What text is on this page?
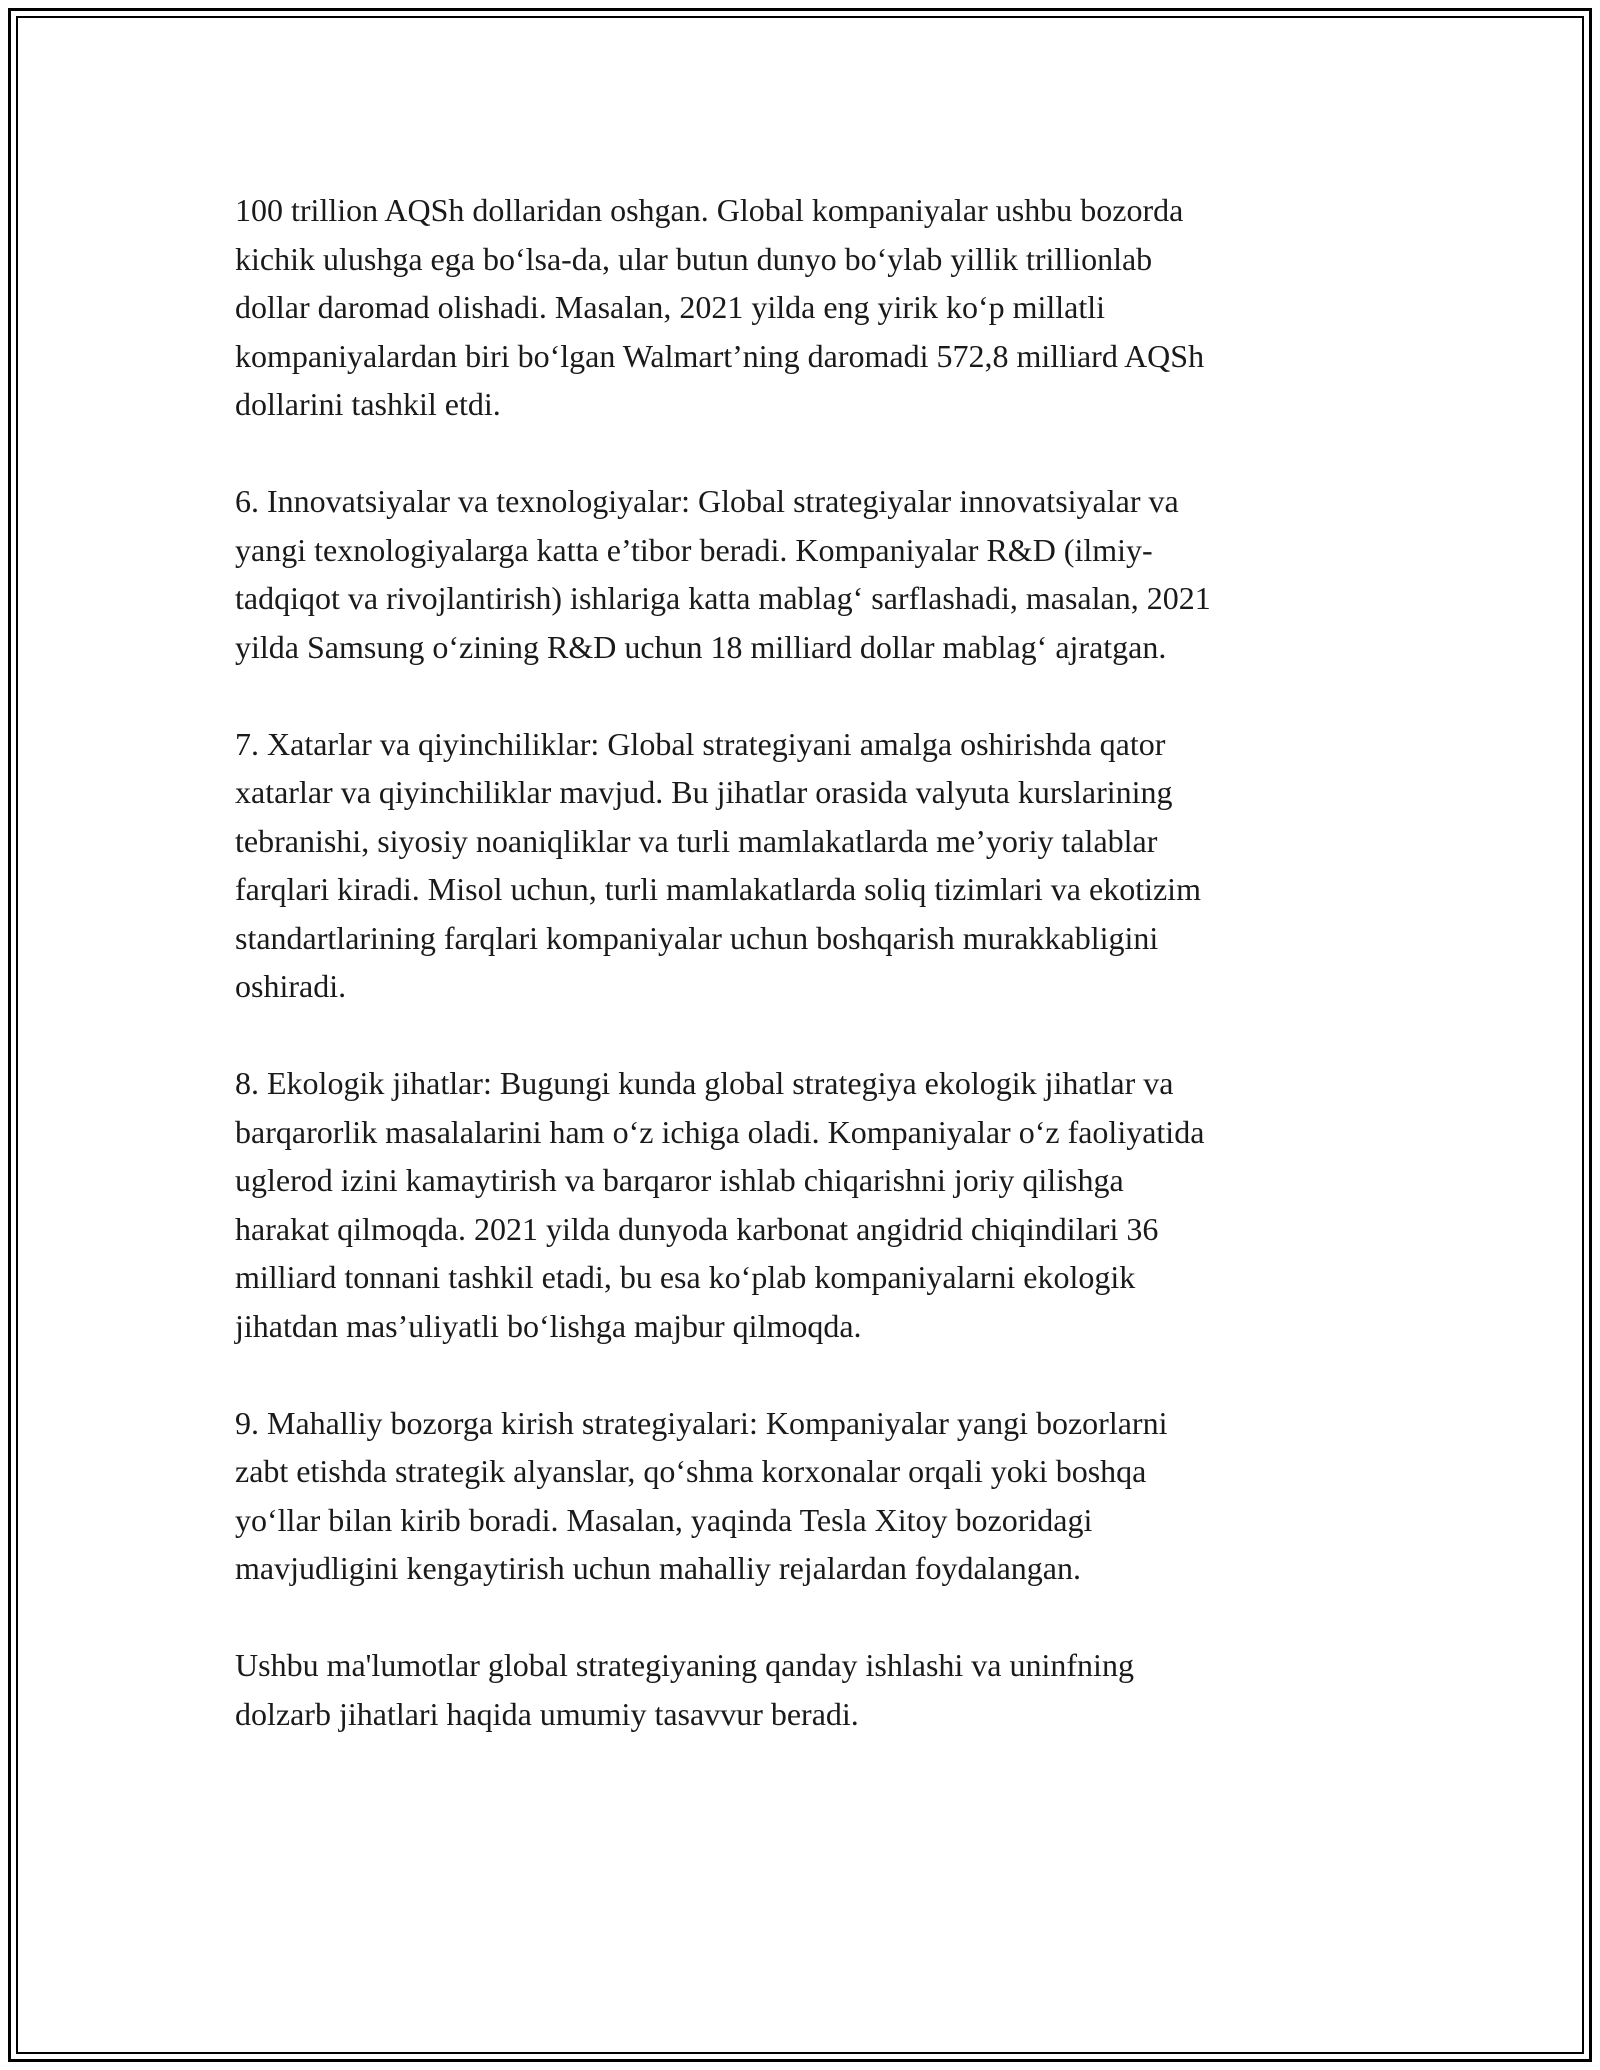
100 trillion AQSh dollaridan oshgan. Global kompaniyalar ushbu bozorda
kichik ulushga ega bo‘lsa-da, ular butun dunyo bo‘ylab yillik trillionlab
dollar daromad olishadi. Masalan, 2021 yilda eng yirik ko‘p millatli
kompaniyalardan biri bo‘lgan Walmart’ning daromadi 572,8 milliard AQSh
dollarini tashkil etdi.

6. Innovatsiyalar va texnologiyalar: Global strategiyalar innovatsiyalar va
yangi texnologiyalarga katta e’tibor beradi. Kompaniyalar R&D (ilmiy-
tadqiqot va rivojlantirish) ishlariga katta mablag‘ sarflashadi, masalan, 2021
yilda Samsung o‘zining R&D uchun 18 milliard dollar mablag‘ ajratgan.

7. Xatarlar va qiyinchiliklar: Global strategiyani amalga oshirishda qator
xatarlar va qiyinchiliklar mavjud. Bu jihatlar orasida valyuta kurslarining
tebranishi, siyosiy noaniqliklar va turli mamlakatlarda me’yoriy talablar
farqlari kiradi. Misol uchun, turli mamlakatlarda soliq tizimlari va ekotizim
standartlarining farqlari kompaniyalar uchun boshqarish murakkabligini
oshiradi.

8. Ekologik jihatlar: Bugungi kunda global strategiya ekologik jihatlar va
barqarorlik masalalarini ham o‘z ichiga oladi. Kompaniyalar o‘z faoliyatida
uglerod izini kamaytirish va barqaror ishlab chiqarishni joriy qilishga
harakat qilmoqda. 2021 yilda dunyoda karbonat angidrid chiqindilari 36
milliard tonnani tashkil etadi, bu esa ko‘plab kompaniyalarni ekologik
jihatdan mas’uliyatli bo‘lishga majbur qilmoqda.

9. Mahalliy bozorga kirish strategiyalari: Kompaniyalar yangi bozorlarni
zabt etishda strategik alyanslar, qo‘shma korxonalar orqali yoki boshqa
yo‘llar bilan kirib boradi. Masalan, yaqinda Tesla Xitoy bozoridagi
mavjudligini kengaytirish uchun mahalliy rejalardan foydalangan.

Ushbu ma'lumotlar global strategiyaning qanday ishlashi va uninfning
dolzarb jihatlari haqida umumiy tasavvur beradi.
